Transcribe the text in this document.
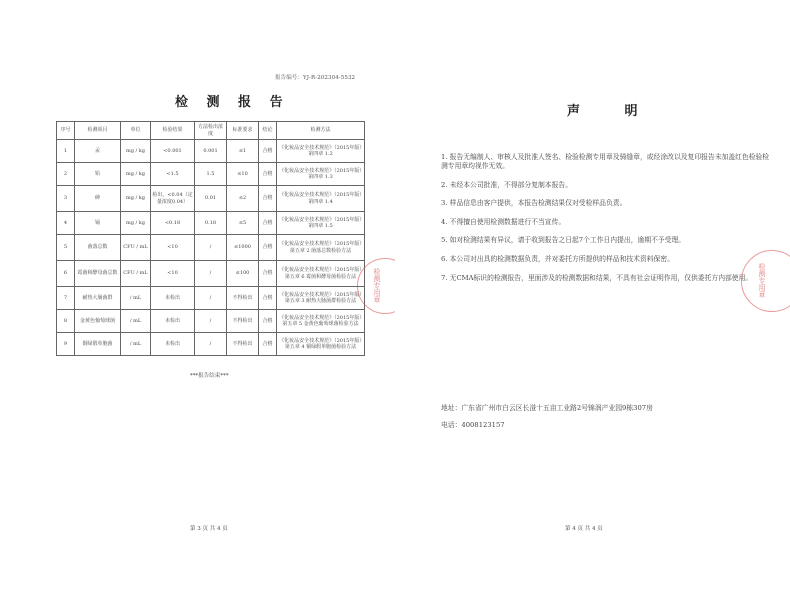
报告编号：YJ-R-202304-5532
检 测 报 告
序号	检测项目	单位	检验结果	方法检出浓度	标准要求	结论	检测方法
1	汞	mg / kg	<0.001	0.001	≤1	合格	《化妆品安全技术规范》（2015年版）第四章 1.2
2	铅	mg / kg	<1.5	1.5	≤10	合格	《化妆品安全技术规范》（2015年版）第四章 1.3
3	砷	mg / kg	检出，<0.04（定量浓度0.04）	0.01	≤2	合格	《化妆品安全技术规范》（2015年版）第四章 1.4
4	镉	mg / kg	<0.18	0.18	≤5	合格	《化妆品安全技术规范》（2015年版）第四章 1.5
5	菌落总数	CFU / mL	<10	/	≤1000	合格	《化妆品安全技术规范》（2015年版）第五章 2 菌落总数检验方法
6	霉菌和酵母菌总数	CFU / mL	<10	/	≤100	合格	《化妆品安全技术规范》（2015年版）第五章 6 霉菌和酵母菌检验方法
7	耐热大肠菌群	/ mL	未检出	/	不得检出	合格	《化妆品安全技术规范》（2015年版）第五章 3 耐热大肠菌群检验方法
8	金黄色葡萄球菌	/ mL	未检出	/	不得检出	合格	《化妆品安全技术规范》（2015年版）第五章 5 金黄色葡萄球菌检验方法
9	铜绿假单胞菌	/ mL	未检出	/	不得检出	合格	《化妆品安全技术规范》（2015年版）第五章 4 铜绿假单胞菌检验方法
***报告结束***
检测专用章
第 3 页 共 4 页
声 明
1. 报告无编制人、审核人及批准人签名、检验检测专用章及骑缝章，或经涂改以及复印报告未加盖红色检验检测专用章均视作无效。
2. 未经本公司批准，不得部分复制本报告。
3. 样品信息由客户提供，本报告检测结果仅对受检样品负责。
4. 不得擅自使用检测数据进行不当宣传。
5. 如对检测结果有异议，请于收到报告之日起7个工作日内提出，逾期不予受理。
6. 本公司对出具的检测数据负责，并对委托方所提供的样品和技术资料保密。
7. 无CMA标识的检测报告，里面涉及的检测数据和结果，不具有社会证明作用，仅供委托方内部使用。
地址：广东省广州市白云区长湴十五亩工业路2号锦润产业园9栋307房
电话：4008123157
检测专用章
第 4 页 共 4 页
